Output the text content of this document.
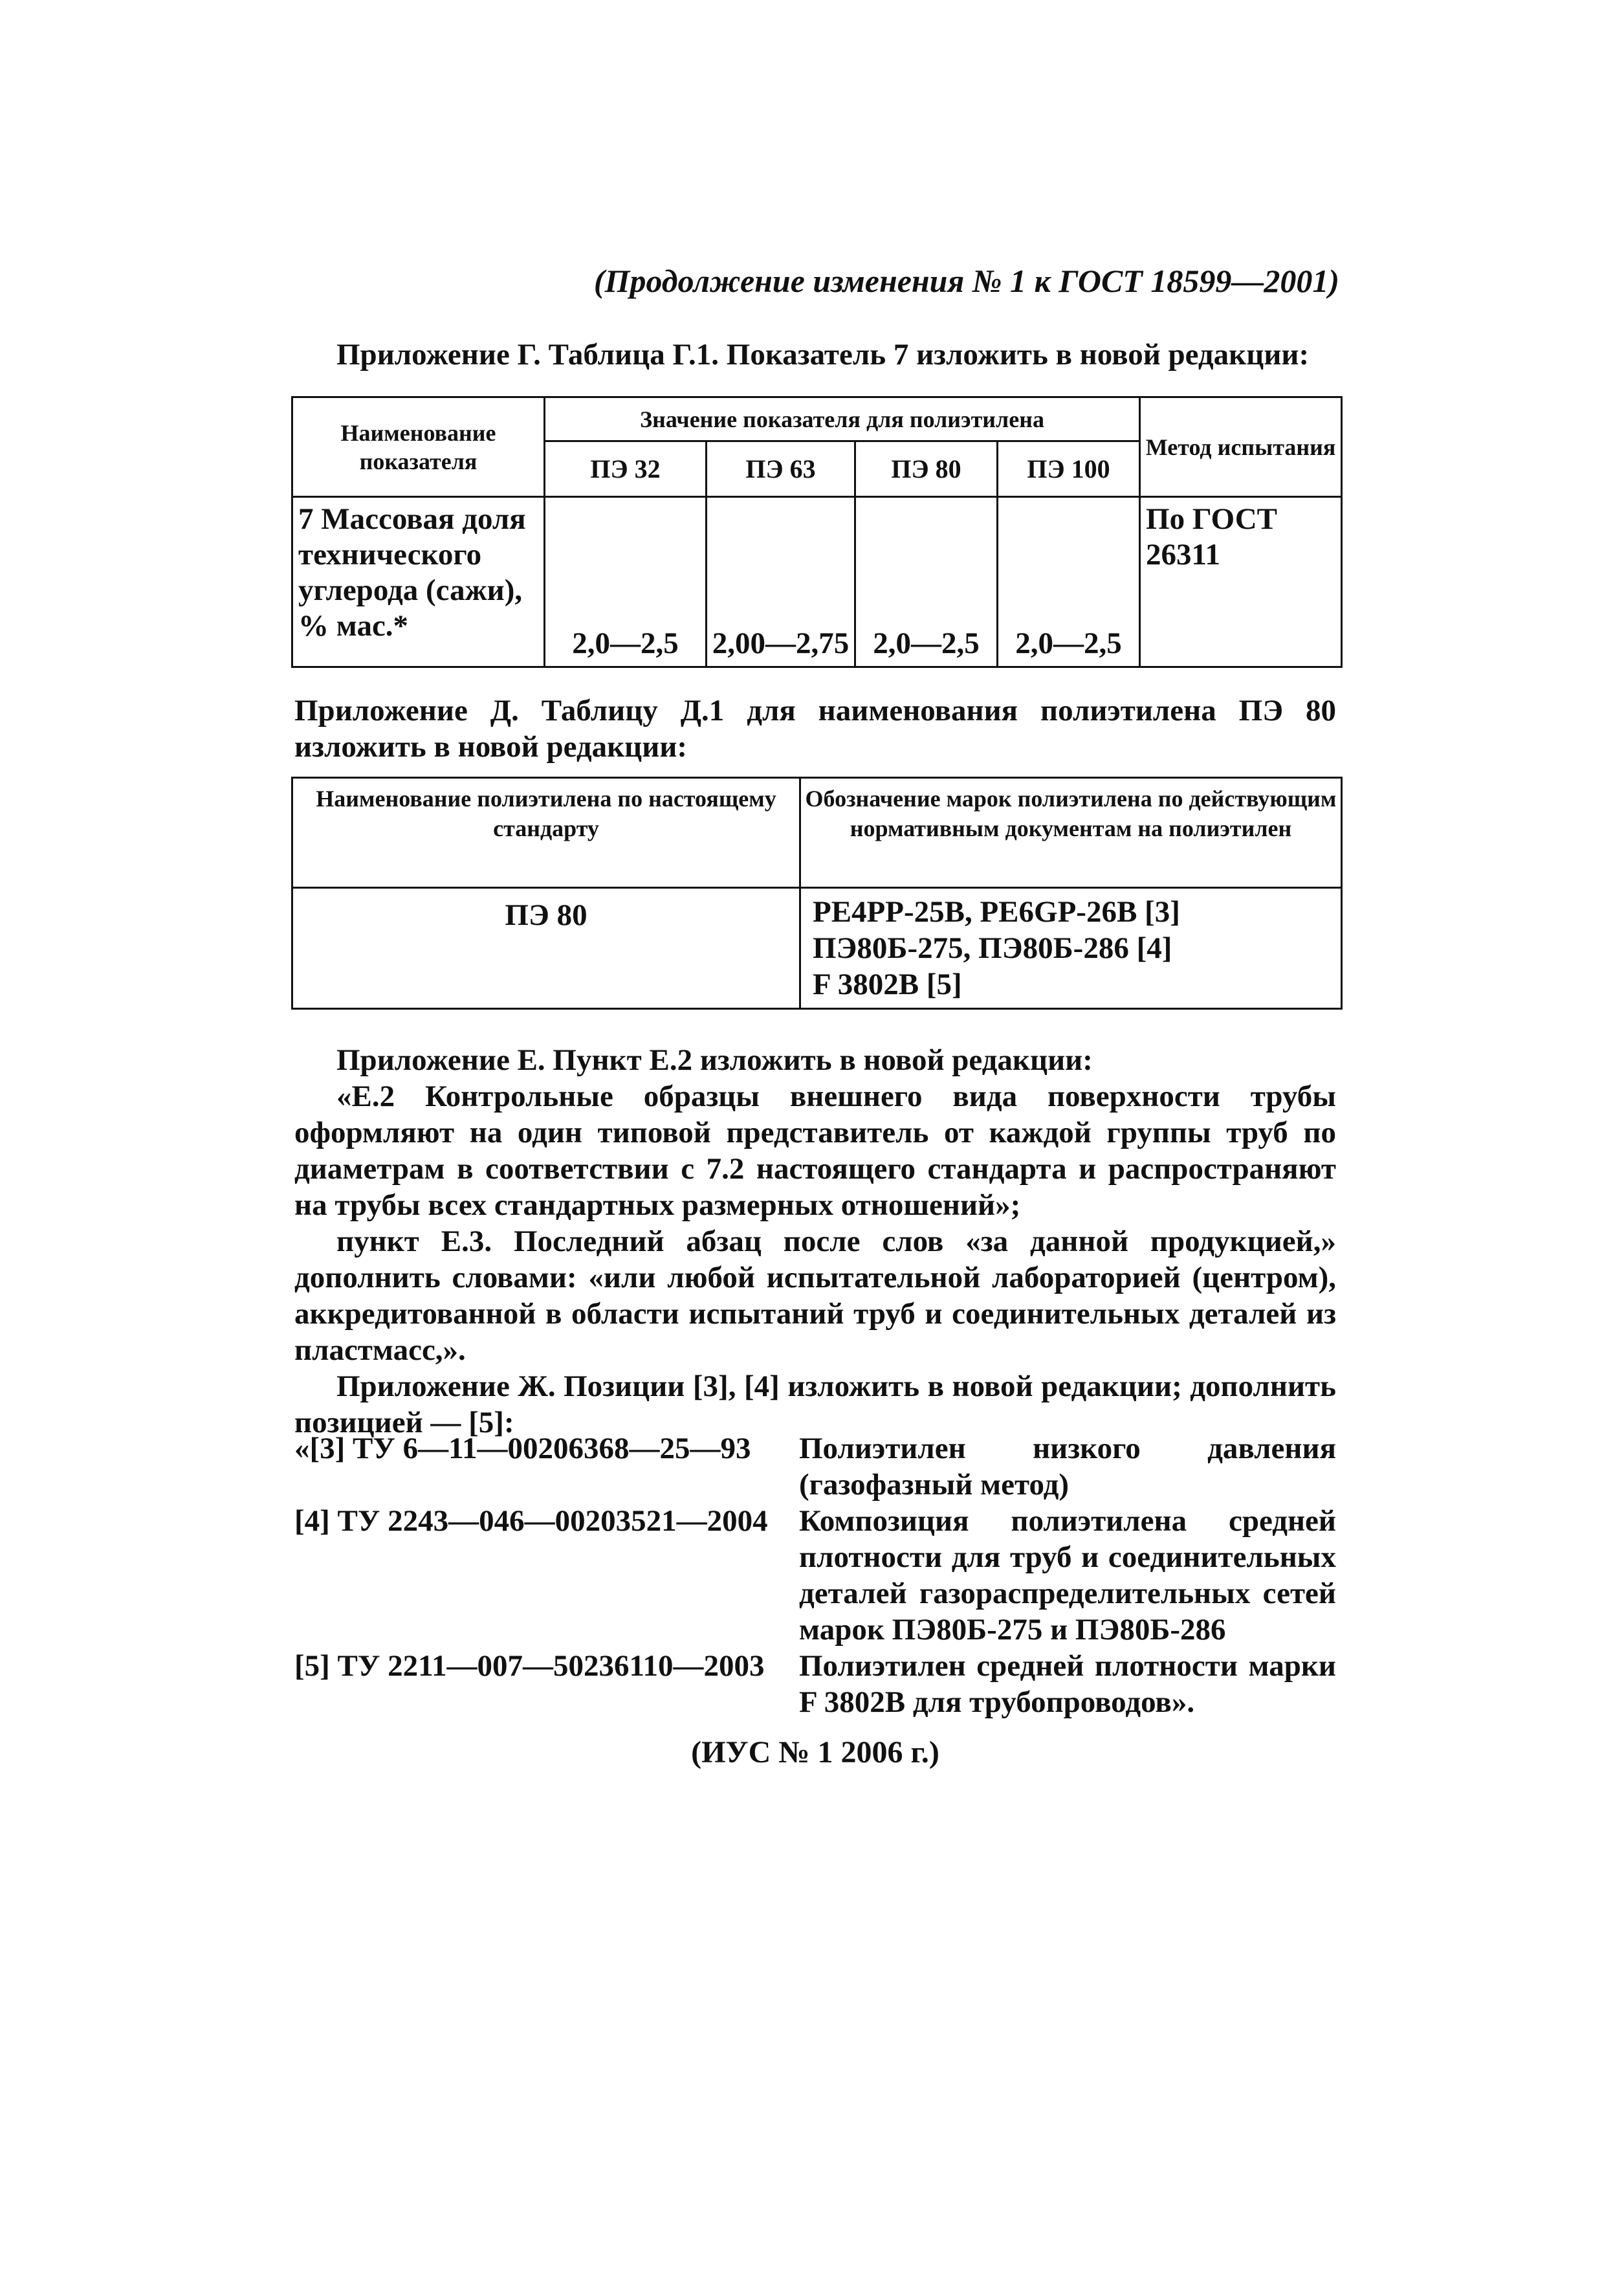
(Продолжение изменения № 1 к ГОСТ 18599—2001)
Приложение Г. Таблица Г.1. Показатель 7 изложить в новой редакции:
Наименование показателя	Значение показателя для полиэтилена				Метод испытания
	ПЭ 32	ПЭ 63	ПЭ 80	ПЭ 100	
7 Массовая доля технического углерода (сажи), % мас.*	2,0—2,5	2,00—2,75	2,0—2,5	2,0—2,5	По ГОСТ 26311
Приложение Д. Таблицу Д.1 для наименования полиэтилена ПЭ 80 изложить в новой редакции:
Наименование полиэтилена по настоящему стандарту	Обозначение марок полиэтилена по действующим нормативным документам на полиэтилен
ПЭ 80	PE4PP-25B, PE6GP-26B [3]
ПЭ80Б-275, ПЭ80Б-286 [4]
F 3802B [5]
Приложение Е. Пункт Е.2 изложить в новой редакции:
«Е.2 Контрольные образцы внешнего вида поверхности трубы оформляют на один типовой представитель от каждой группы труб по диаметрам в соответствии с 7.2 настоящего стандарта и распространяют на трубы всех стандартных размерных отношений»;
пункт Е.3. Последний абзац после слов «за данной продукцией,» дополнить словами: «или любой испытательной лабораторией (центром), аккредитованной в области испытаний труб и соединительных деталей из пластмасс,».
Приложение Ж. Позиции [3], [4] изложить в новой редакции; дополнить позицией — [5]:
«[3] ТУ 6—11—00206368—25—93	Полиэтилен низкого давления (газофазный метод)
[4] ТУ 2243—046—00203521—2004	Композиция полиэтилена средней плотности для труб и соединительных деталей газораспределительных сетей марок ПЭ80Б-275 и ПЭ80Б-286
[5] ТУ 2211—007—50236110—2003	Полиэтилен средней плотности марки F 3802B для трубопроводов».
(ИУС № 1 2006 г.)
